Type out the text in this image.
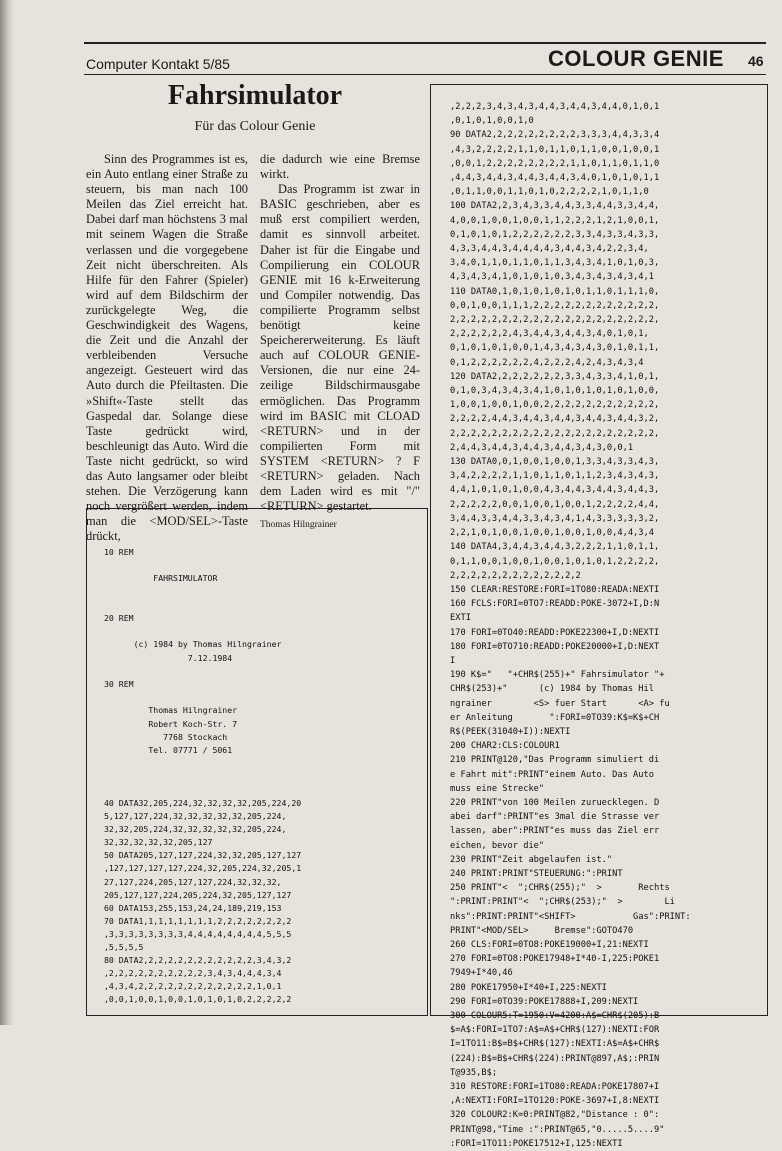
Computer Kontakt 5/85	COLOUR GENIE 46
Fahrsimulator
Für das Colour Genie

Sinn des Programmes ist es, ein Auto entlang einer Straße zu steuern, bis man nach 100 Meilen das Ziel erreicht hat. Dabei darf man höchstens 3 mal mit seinem Wagen die Straße verlassen und die vorgegebene Zeit nicht überschreiten. Als Hilfe für den Fahrer (Spieler) wird auf dem Bildschirm der zurückgelegte Weg, die Geschwindigkeit des Wagens, die Zeit und die Anzahl der verbleibenden Versuche angezeigt. Gesteuert wird das Auto durch die Pfeiltasten. Die »Shift«-Taste stellt das Gaspedal dar. Solange diese Taste gedrückt wird, beschleunigt das Auto. Wird die Taste nicht gedrückt, so wird das Auto langsamer oder bleibt stehen. Die Verzögerung kann noch vergrößert werden, indem man die <MOD/SEL>-Taste drückt,

die dadurch wie eine Bremse wirkt.

Das Programm ist zwar in BASIC geschrieben, aber es muß erst compiliert werden, damit es sinnvoll arbeitet. Daher ist für die Eingabe und Compilierung ein COLOUR GENIE mit 16 k-Erweiterung und Compiler notwendig. Das compilierte Programm selbst benötigt keine Speichererweiterung. Es läuft auch auf COLOUR GENIE-Versionen, die nur eine 24-zeilige Bildschirmausgabe ermöglichen. Das Programm wird im BASIC mit CLOAD <RETURN> und in der compilierten Form mit SYSTEM <RETURN> ? F <RETURN> geladen. Nach dem Laden wird es mit "/" <RETURN> gestartet.

Thomas Hilngrainer

10 REM

FAHRSIMULATOR

20 REM

(c) 1984 by Thomas Hilngrainer
7.12.1984

30 REM

Thomas Hilngrainer
Robert Koch-Str. 7
7768 Stockach
Tel. 07771 / 5061
40 DATA32,205,224,32,32,32,32,205,224,20
5,127,127,224,32,32,32,32,32,205,224,
32,32,205,224,32,32,32,32,32,205,224,
32,32,32,32,32,205,127
50 DATA205,127,127,224,32,32,205,127,127
,127,127,127,127,224,32,205,224,32,205,1
27,127,224,205,127,127,224,32,32,32,
205,127,127,224,205,224,32,205,127,127
60 DATA153,255,153,24,24,189,219,153
70 DATA1,1,1,1,1,1,1,1,2,2,2,2,2,2,2,2
,3,3,3,3,3,3,3,3,4,4,4,4,4,4,4,4,5,5,5
,5,5,5,5
80 DATA2,2,2,2,2,2,2,2,2,2,2,2,3,4,3,2
,2,2,2,2,2,2,2,2,2,2,3,4,3,4,4,4,3,4
,4,3,4,2,2,2,2,2,2,2,2,2,2,2,2,1,0,1
,0,0,1,0,0,1,0,0,1,0,1,0,1,0,2,2,2,2,2
,2,2,2,3,4,3,4,3,4,4,3,4,4,3,4,4,0,1,0,1
,0,1,0,1,0,0,1,0
90 DATA2,2,2,2,2,2,2,2,2,3,3,3,4,4,3,3,4
,4,3,2,2,2,2,1,1,0,1,1,0,1,1,0,0,1,0,0,1
,0,0,1,2,2,2,2,2,2,2,2,1,1,0,1,1,0,1,1,0
,4,4,3,4,4,3,4,4,3,4,4,3,4,0,1,0,1,0,1,1
,0,1,1,0,0,1,1,0,1,0,2,2,2,2,1,0,1,1,0
100 DATA2,2,3,4,3,3,4,4,3,3,4,4,3,3,4,4,
4,0,0,1,0,0,1,0,0,1,1,2,2,2,1,2,1,0,0,1,
0,1,0,1,0,1,2,2,2,2,2,2,3,3,4,3,3,4,3,3,
4,3,3,4,4,3,4,4,4,4,3,4,4,3,4,2,2,3,4,
3,4,0,1,1,0,1,1,0,1,1,3,4,3,4,1,0,1,0,3,
4,3,4,3,4,1,0,1,0,1,0,3,4,3,4,3,4,3,4,1
110 DATA0,1,0,1,0,1,0,1,0,1,1,0,1,1,1,0,
0,0,1,0,0,1,1,1,2,2,2,2,2,2,2,2,2,2,2,2,
2,2,2,2,2,2,2,2,2,2,2,2,2,2,2,2,2,2,2,2,
2,2,2,2,2,2,4,3,4,4,3,4,4,3,4,0,1,0,1,
0,1,0,1,0,1,0,0,1,4,3,4,3,4,3,0,1,0,1,1,
0,1,2,2,2,2,2,2,4,2,2,2,4,2,4,3,4,3,4
120 DATA2,2,2,2,2,2,2,3,3,4,3,3,4,1,0,1,
0,1,0,3,4,3,4,3,4,1,0,1,0,1,0,1,0,1,0,0,
1,0,0,1,0,0,1,0,0,2,2,2,2,2,2,2,2,2,2,2,
2,2,2,2,4,4,3,4,4,3,4,4,3,4,4,3,4,4,3,2,
2,2,2,2,2,2,2,2,2,2,2,2,2,2,2,2,2,2,2,2,
2,4,4,3,4,4,3,4,4,3,4,4,3,4,3,0,0,1
130 DATA0,0,1,0,0,1,0,0,1,3,3,4,3,3,4,3,
3,4,2,2,2,2,1,1,0,1,1,0,1,1,2,3,4,3,4,3,
4,4,1,0,1,0,1,0,0,4,3,4,4,3,4,4,3,4,4,3,
2,2,2,2,2,0,0,1,0,0,1,0,0,1,2,2,2,2,4,4,
3,4,4,3,3,4,4,3,3,4,3,4,1,4,3,3,3,3,3,2,
2,2,1,0,1,0,0,1,0,0,1,0,0,1,0,0,4,4,3,4
140 DATA4,3,4,4,3,4,4,3,2,2,2,1,1,0,1,1,
0,1,1,0,0,1,0,0,1,0,0,1,0,1,0,1,2,2,2,2,
2,2,2,2,2,2,2,2,2,2,2,2,2
150 CLEAR:RESTORE:FORI=1TO80:READA:NEXTI
160 FCLS:FORI=0TO7:READD:POKE-3072+I,D:N
EXTI
170 FORI=0TO40:READD:POKE22300+I,D:NEXTI
180 FORI=0TO710:READD:POKE20000+I,D:NEXT
I
190 K$="   "+CHR$(255)+" Fahrsimulator "+
CHR$(253)+"      (c) 1984 by Thomas Hil
ngrainer        <S> fuer Start      <A> fu
er Anleitung       ":FORI=0TO39:K$=K$+CH
R$(PEEK(31040+I)):NEXTI
200 CHAR2:CLS:COLOUR1
210 PRINT@120,"Das Programm simuliert di
e Fahrt mit":PRINT"einem Auto. Das Auto
muss eine Strecke"
220 PRINT"von 100 Meilen zuruecklegen. D
abei darf":PRINT"es 3mal die Strasse ver
lassen, aber":PRINT"es muss das Ziel err
eichen, bevor die"
230 PRINT"Zeit abgelaufen ist."
240 PRINT:PRINT"STEUERUNG:":PRINT
250 PRINT"<  ";CHR$(255);"  >       Rechts
":PRINT:PRINT"<  ";CHR$(253);"  >        Li
nks":PRINT:PRINT"<SHIFT>           Gas":PRINT:
PRINT"<MOD/SEL>     Bremse":GOTO470
260 CLS:FORI=0TO8:POKE19000+I,21:NEXTI
270 FORI=0TO8:POKE17948+I*40-I,225:POKE1
7949+I*40,46
280 POKE17950+I*40+I,225:NEXTI
290 FORI=0TO39:POKE17888+I,209:NEXTI
300 COLOUR5:T=1950:V=4200:A$=CHR$(205):B
$=A$:FORI=1TO7:A$=A$+CHR$(127):NEXTI:FOR
I=1TO11:B$=B$+CHR$(127):NEXTI:A$=A$+CHR$
(224):B$=B$+CHR$(224):PRINT@897,A$;:PRIN
T@935,B$;
310 RESTORE:FORI=1TO80:READA:POKE17807+I
,A:NEXTI:FORI=1TO120:POKE-3697+I,8:NEXTI
320 COLOUR2:K=0:PRINT@82,"Distance : 0":
PRINT@98,"Time :":PRINT@65,"0.....5....9"
:FORI=1TO11:POKE17512+I,125:NEXTI
